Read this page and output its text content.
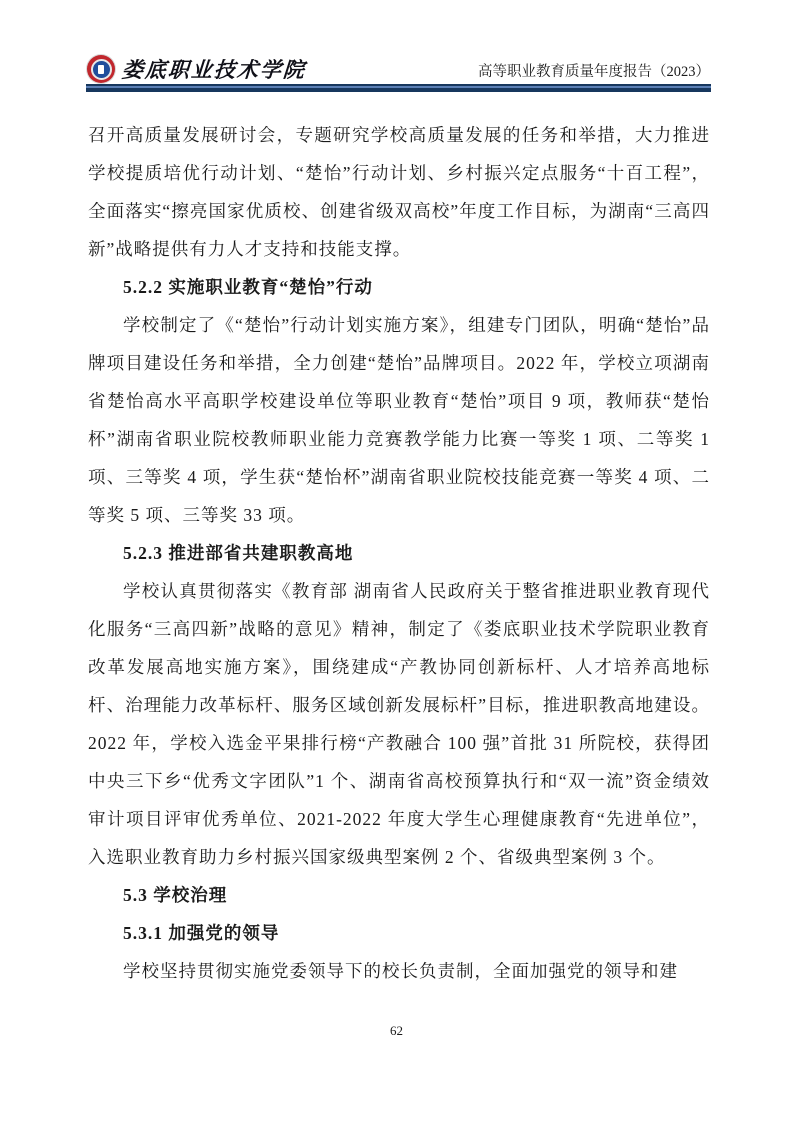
娄底职业技术学院	高等职业教育质量年度报告（2023）

召开高质量发展研讨会，专题研究学校高质量发展的任务和举措，大力推进学校提质培优行动计划、“楚怡”行动计划、乡村振兴定点服务“十百工程”，全面落实“擦亮国家优质校、创建省级双高校”年度工作目标，为湖南“三高四新”战略提供有力人才支持和技能支撑。

5.2.2 实施职业教育“楚怡”行动

学校制定了《“楚怡”行动计划实施方案》，组建专门团队，明确“楚怡”品牌项目建设任务和举措，全力创建“楚怡”品牌项目。2022 年，学校立项湖南省楚怡高水平高职学校建设单位等职业教育“楚怡”项目 9 项，教师获“楚怡杯”湖南省职业院校教师职业能力竞赛教学能力比赛一等奖 1 项、二等奖 1 项、三等奖 4 项，学生获“楚怡杯”湖南省职业院校技能竞赛一等奖 4 项、二等奖 5 项、三等奖 33 项。

5.2.3 推进部省共建职教高地

学校认真贯彻落实《教育部 湖南省人民政府关于整省推进职业教育现代化服务“三高四新”战略的意见》精神，制定了《娄底职业技术学院职业教育改革发展高地实施方案》，围绕建成“产教协同创新标杆、人才培养高地标杆、治理能力改革标杆、服务区域创新发展标杆”目标，推进职教高地建设。2022 年，学校入选金平果排行榜“产教融合 100 强”首批 31 所院校，获得团中央三下乡“优秀文字团队”1 个、湖南省高校预算执行和“双一流”资金绩效审计项目评审优秀单位、2021-2022 年度大学生心理健康教育“先进单位”，入选职业教育助力乡村振兴国家级典型案例 2 个、省级典型案例 3 个。

5.3 学校治理
5.3.1 加强党的领导

学校坚持贯彻实施党委领导下的校长负责制，全面加强党的领导和建

62
